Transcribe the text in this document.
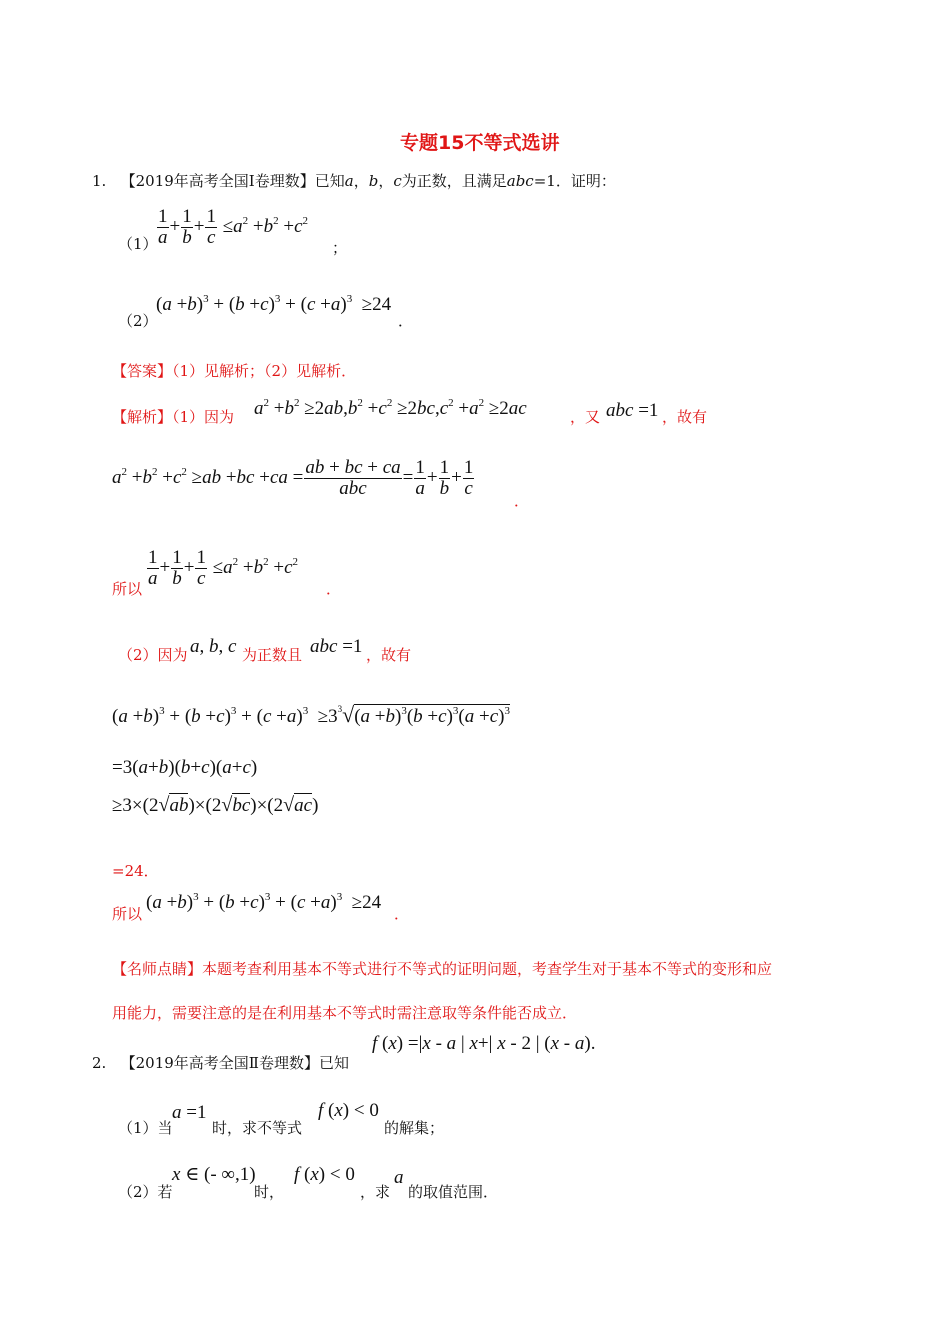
专题15不等式选讲
1. 【2019年高考全国Ⅰ卷理数】已知a，b，c为正数，且满足abc=1．证明：
$(1) \frac{1}{a} + \frac{1}{b} + \frac{1}{c} \le a^2 +b^2 +c^2$
；
（2）
$(a +b)^3 + (b +c)^3 + (c +a)^3 \ge 24$
．
【答案】（1）见解析；（2）见解析．
【解析】（1）因为 $a^2 +b^2 \ge 2ab,b^2 +c^2 \ge 2bc,c^2 +a^2 \ge 2ac$	，又 abc =1 ，故有
$a^2 +b^2 +c^2 \ge ab +bc +ca = \frac{ab + bc + ca}{\text{abc}} = \frac{1}{a} + \frac{1}{b} + \frac{1}{c}$
．
所以
$\frac{1}{a} + \frac{1}{b} + \frac{1}{c} \le a^2 +b^2 +c^2$
．
（2）因为 a, b, c 为正数且 abc =1 ，故有
$(a +b)^3 + (b +c)^3 + (c +a)^3 \ge 3^3√(a +b)^3(b +c)^3(a +c)^3$
=3(a+b)(b+c)(a+c)
≥3×(2√ab)×(2√bc)×(2√ac)
=24．
所以
$(a +b)^3 + (b +c)^3 + (c +a)^3 \ge 24$
．
【名师点睛】本题考查利用基本不等式进行不等式的证明问题，考查学生对于基本不等式的变形和应
用能力，需要注意的是在利用基本不等式时需注意取等条件能否成立．
2. 【2019年高考全国Ⅱ卷理数】已知
f (x) =|x - a | x+| x - 2 | (x - a).
（1）当
a =1
时，求不等式
f (x) < 0
的解集；
（2）若
x ∈ (- ∞,1)
时，
f (x) < 0
，求
a
的取值范围．
